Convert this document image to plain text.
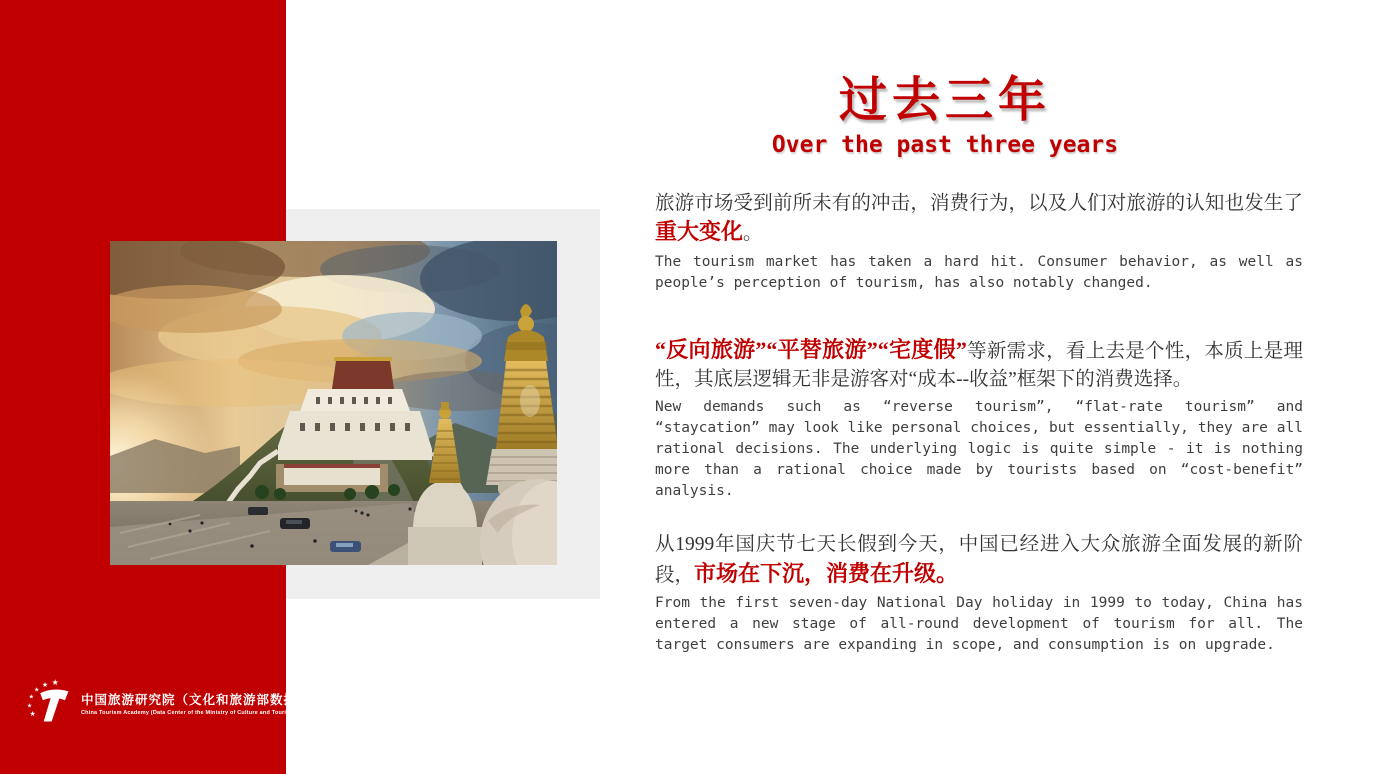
过去三年
Over the past three years

旅游市场受到前所未有的冲击，消费行为，以及人们对旅游的认知也发生了重大变化。

The tourism market has taken a hard hit. Consumer behavior, as well as people’s perception of tourism, has also notably changed.

“反向旅游”“平替旅游”“宅度假”等新需求，看上去是个性，本质上是理性，其底层逻辑无非是游客对“成本--收益”框架下的消费选择。

New demands such as “reverse tourism”, “flat-rate tourism” and “staycation” may look like personal choices, but essentially, they are all rational decisions. The underlying logic is quite simple - it is nothing more than a rational choice made by tourists based on “cost-benefit” analysis.

从1999年国庆节七天长假到今天，中国已经进入大众旅游全面发展的新阶段，市场在下沉，消费在升级。

From the first seven-day National Day holiday in 1999 to today, China has entered a new stage of all-round development of tourism for all. The target consumers are expanding in scope, and consumption is on upgrade.

★
★
★
★
★ ★
中国旅游研究院（文化和旅游部数据中心）
China Tourism Academy (Data Center of the Ministry of Culture and Tourism)
